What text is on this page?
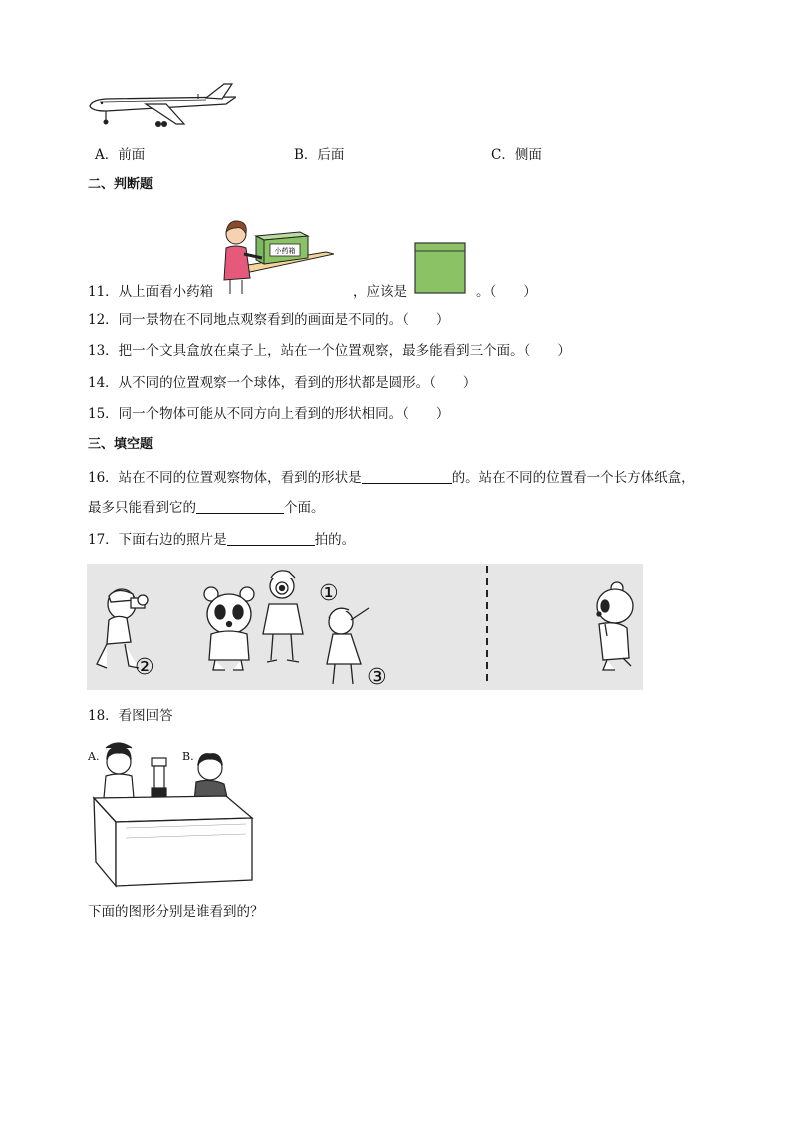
A．前面	B．后面	C．侧面
二、判断题
小药箱
11．从上面看小药箱	，应该是	。（　　）
12．同一景物在不同地点观察看到的画面是不同的。（　　）
13．把一个文具盒放在桌子上，站在一个位置观察，最多能看到三个面。（　　）
14．从不同的位置观察一个球体，看到的形状都是圆形。（　　）
15．同一个物体可能从不同方向上看到的形状相同。（　　）
三、填空题
16．站在不同的位置观察物体，看到的形状是	的。站在不同的位置看一个长方体纸盒，
最多只能看到它的	个面。
17．下面右边的照片是	拍的。
②
①
③
18．看图回答
A.	B.
下面的图形分别是谁看到的？
